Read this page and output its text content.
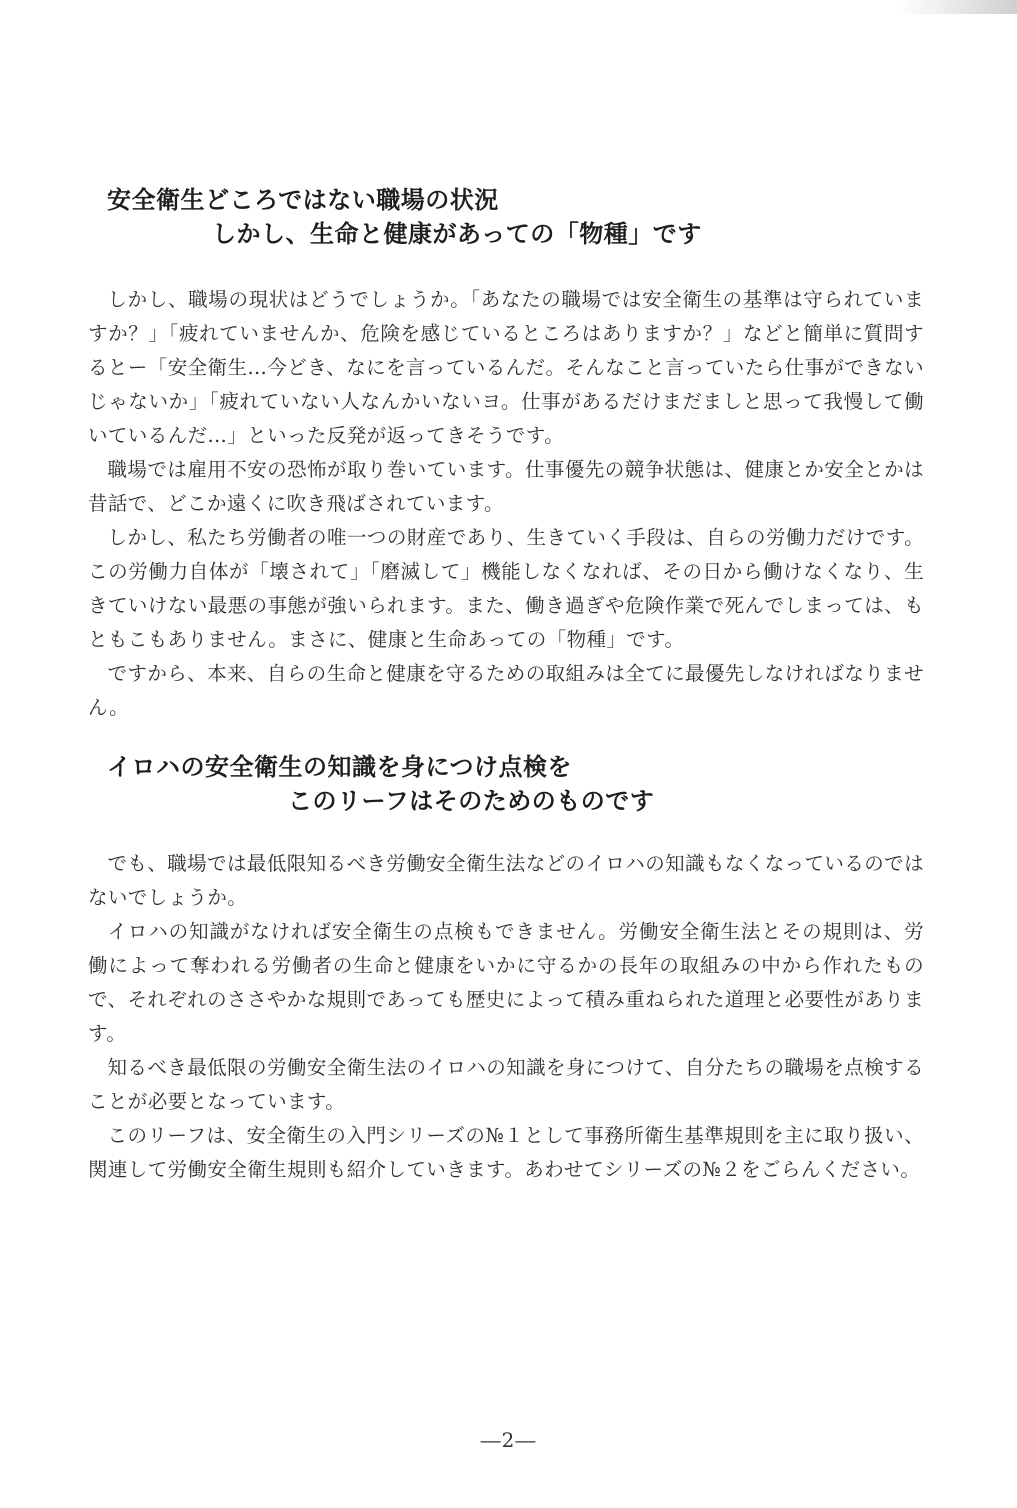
安全衛生どころではない職場の状況
しかし、生命と健康があっての「物種」です

しかし、職場の現状はどうでしょうか。「あなたの職場では安全衛生の基準は守られていますか？」「疲れていませんか、危険を感じているところはありますか？」などと簡単に質問するとー「安全衛生…今どき、なにを言っているんだ。そんなこと言っていたら仕事ができないじゃないか」「疲れていない人なんかいないヨ。仕事があるだけまだましと思って我慢して働いているんだ…」といった反発が返ってきそうです。

職場では雇用不安の恐怖が取り巻いています。仕事優先の競争状態は、健康とか安全とかは昔話で、どこか遠くに吹き飛ばされています。

しかし、私たち労働者の唯一つの財産であり、生きていく手段は、自らの労働力だけです。この労働力自体が「壊されて」「磨滅して」機能しなくなれば、その日から働けなくなり、生きていけない最悪の事態が強いられます。また、働き過ぎや危険作業で死んでしまっては、もともこもありません。まさに、健康と生命あっての「物種」です。

ですから、本来、自らの生命と健康を守るための取組みは全てに最優先しなければなりません。

イロハの安全衛生の知識を身につけ点検を
このリーフはそのためのものです

でも、職場では最低限知るべき労働安全衛生法などのイロハの知識もなくなっているのではないでしょうか。

イロハの知識がなければ安全衛生の点検もできません。労働安全衛生法とその規則は、労働によって奪われる労働者の生命と健康をいかに守るかの長年の取組みの中から作れたもので、それぞれのささやかな規則であっても歴史によって積み重ねられた道理と必要性があります。

知るべき最低限の労働安全衛生法のイロハの知識を身につけて、自分たちの職場を点検することが必要となっています。

このリーフは、安全衛生の入門シリーズの№１として事務所衛生基準規則を主に取り扱い、関連して労働安全衛生規則も紹介していきます。あわせてシリーズの№２をごらんください。

―2―
